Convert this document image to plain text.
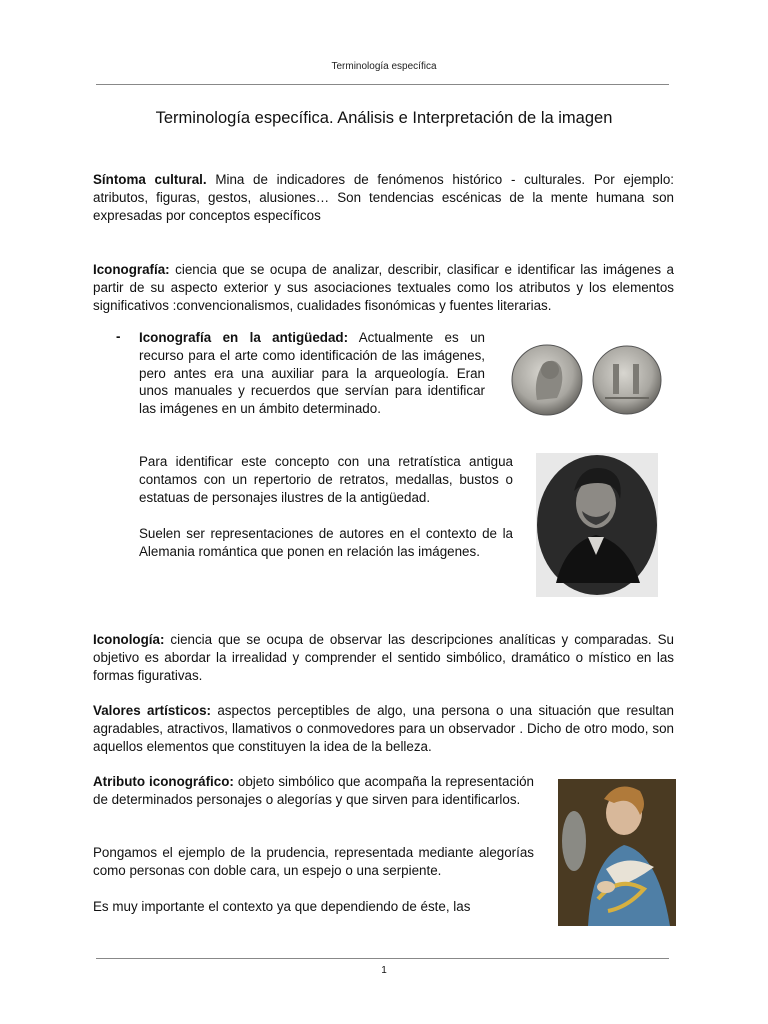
Terminología específica
Terminología específica. Análisis e Interpretación de la imagen

Síntoma cultural. Mina de indicadores de fenómenos histórico - culturales. Por ejemplo: atributos, figuras, gestos, alusiones… Son tendencias escénicas de la mente humana son expresadas por conceptos específicos

Iconografía: ciencia que se ocupa de analizar, describir, clasificar e identificar las imágenes a partir de su aspecto exterior y sus asociaciones textuales como los atributos y los elementos significativos :convencionalismos, cualidades fisonómicas y fuentes literarias.

- Iconografía en la antigüedad: Actualmente es un recurso para el arte como identificación de las imágenes, pero antes era una auxiliar para la arqueología. Eran unos manuales y recuerdos que servían para identificar las imágenes en un ámbito determinado.

Para identificar este concepto con una retratística antigua contamos con un repertorio de retratos, medallas, bustos o estatuas de personajes ilustres de la antigüedad.

Suelen ser representaciones de autores en el contexto de la Alemania romántica que ponen en relación las imágenes.

Iconología: ciencia que se ocupa de observar las descripciones analíticas y comparadas. Su objetivo es abordar la irrealidad y comprender el sentido simbólico, dramático o místico en las formas figurativas.

Valores artísticos: aspectos perceptibles de algo, una persona o una situación que resultan agradables, atractivos, llamativos o conmovedores para un observador . Dicho de otro modo, son aquellos elementos que constituyen la idea de la belleza.

Atributo iconográfico: objeto simbólico que acompaña la representación de determinados personajes o alegorías y que sirven para identificarlos.

Pongamos el ejemplo de la prudencia, representada mediante alegorías como personas con doble cara, un espejo o una serpiente.

Es muy importante el contexto ya que dependiendo de éste, las

1
